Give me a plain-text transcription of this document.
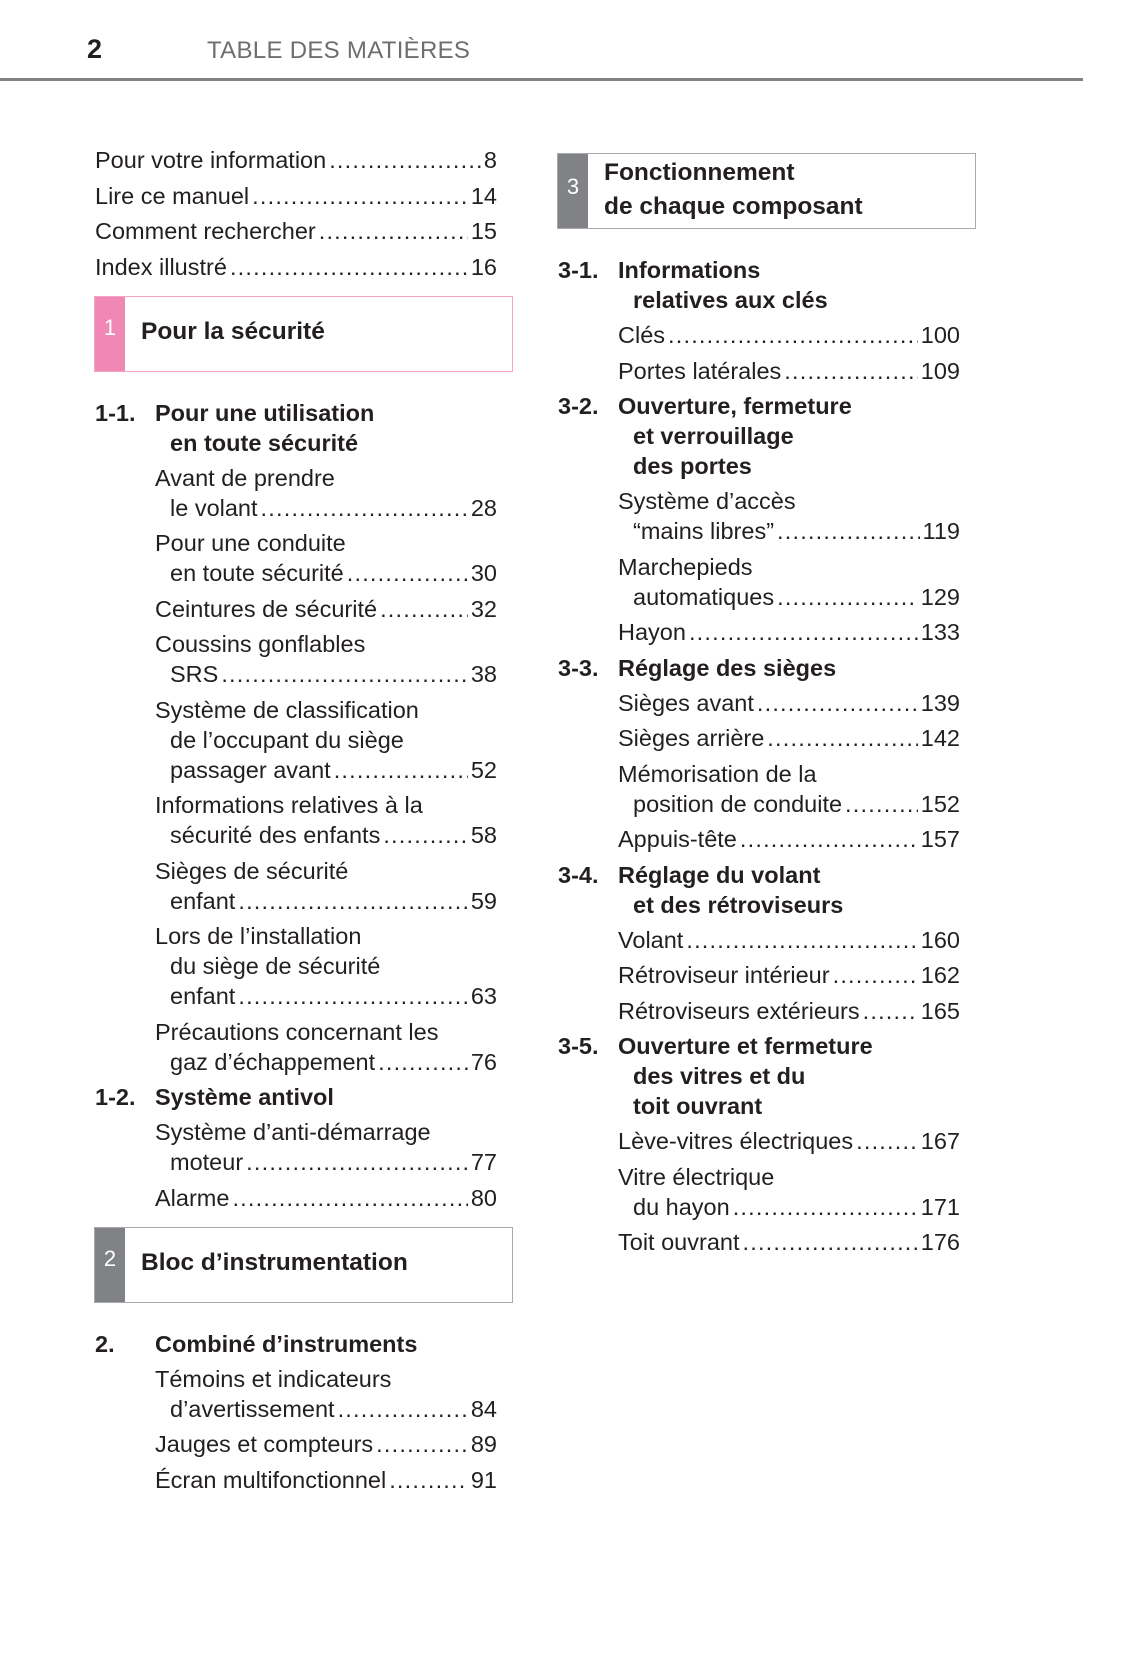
2	TABLE DES MATIÈRES
Pour votre information .....	8
Lire ce manuel .....	14
Comment rechercher .....	15
Index illustré .....	16
1	Pour la sécurité
1-1. Pour une utilisation
en toute sécurité
Avant de prendre
le volant .....	28
Pour une conduite
en toute sécurité .....	30
Ceintures de sécurité .....	32
Coussins gonflables
SRS .....	38
Système de classification
de l’occupant du siège
passager avant .....	52
Informations relatives à la
sécurité des enfants .....	58
Sièges de sécurité
enfant .....	59
Lors de l’installation
du siège de sécurité
enfant .....	63
Précautions concernant les
gaz d’échappement .....	76
1-2. Système antivol
Système d’anti-démarrage
moteur .....	77
Alarme .....	80
2	Bloc d’instrumentation
2.	Combiné d’instruments
Témoins et indicateurs
d’avertissement .....	84
Jauges et compteurs .....	89
Écran multifonctionnel .....	91
3
Fonctionnement
de chaque composant
3-1. Informations
relatives aux clés
Clés .....	100
Portes latérales .....	109
3-2. Ouverture, fermeture
et verrouillage
des portes
Système d’accès
“mains libres” .....	119
Marchepieds
automatiques .....	129
Hayon .....	133
3-3. Réglage des sièges
Sièges avant .....	139
Sièges arrière .....	142
Mémorisation de la
position de conduite .....	152
Appuis-tête .....	157
3-4. Réglage du volant
et des rétroviseurs
Volant .....	160
Rétroviseur intérieur .....	162
Rétroviseurs extérieurs .....	165
3-5. Ouverture et fermeture
des vitres et du
toit ouvrant
Lève-vitres électriques .....	167
Vitre électrique
du hayon .....	171
Toit ouvrant .....	176
